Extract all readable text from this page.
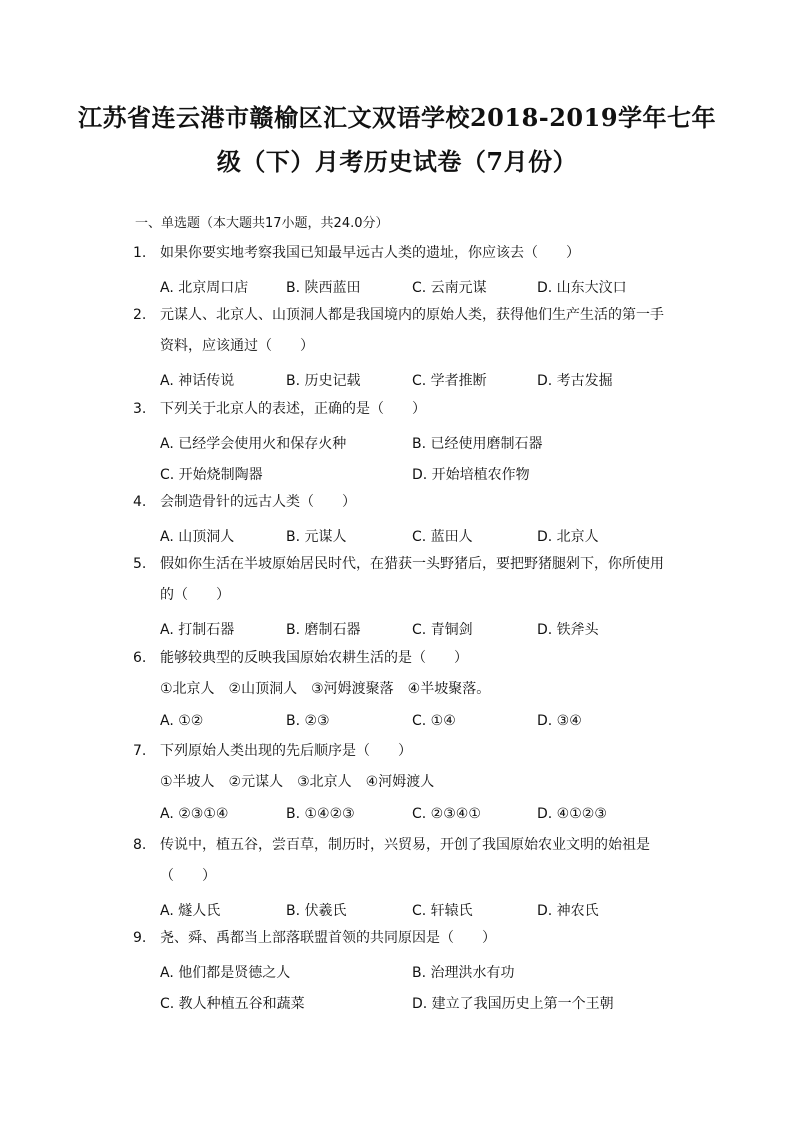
江苏省连云港市赣榆区汇文双语学校2018-2019学年七年
级（下）月考历史试卷（7月份）
一、单选题（本大题共17小题，共24.0分）
1. 如果你要实地考察我国已知最早远古人类的遗址，你应该去（　　）
A. 北京周口店	B. 陕西蓝田	C. 云南元谋	D. 山东大汶口
2. 元谋人、北京人、山顶洞人都是我国境内的原始人类，获得他们生产生活的第一手
资料，应该通过（　　）
A. 神话传说	B. 历史记载	C. 学者推断	D. 考古发掘
3. 下列关于北京人的表述，正确的是（　　）
A. 已经学会使用火和保存火种	B. 已经使用磨制石器
C. 开始烧制陶器	D. 开始培植农作物
4. 会制造骨针的远古人类（　　）
A. 山顶洞人	B. 元谋人	C. 蓝田人	D. 北京人
5. 假如你生活在半坡原始居民时代，在猎获一头野猪后，要把野猪腿剁下，你所使用
的（　　）
A. 打制石器	B. 磨制石器	C. 青铜剑	D. 铁斧头
6. 能够较典型的反映我国原始农耕生活的是（　　）
①北京人　②山顶洞人　③河姆渡聚落　④半坡聚落。
A. ①②	B. ②③	C. ①④	D. ③④
7. 下列原始人类出现的先后顺序是（　　）
①半坡人　②元谋人　③北京人　④河姆渡人
A. ②③①④	B. ①④②③	C. ②③④①	D. ④①②③
8. 传说中，植五谷，尝百草，制历时，兴贸易，开创了我国原始农业文明的始祖是
（　　）
A. 燧人氏	B. 伏羲氏	C. 轩辕氏	D. 神农氏
9. 尧、舜、禹都当上部落联盟首领的共同原因是（　　）
A. 他们都是贤德之人	B. 治理洪水有功
C. 教人种植五谷和蔬菜	D. 建立了我国历史上第一个王朝
